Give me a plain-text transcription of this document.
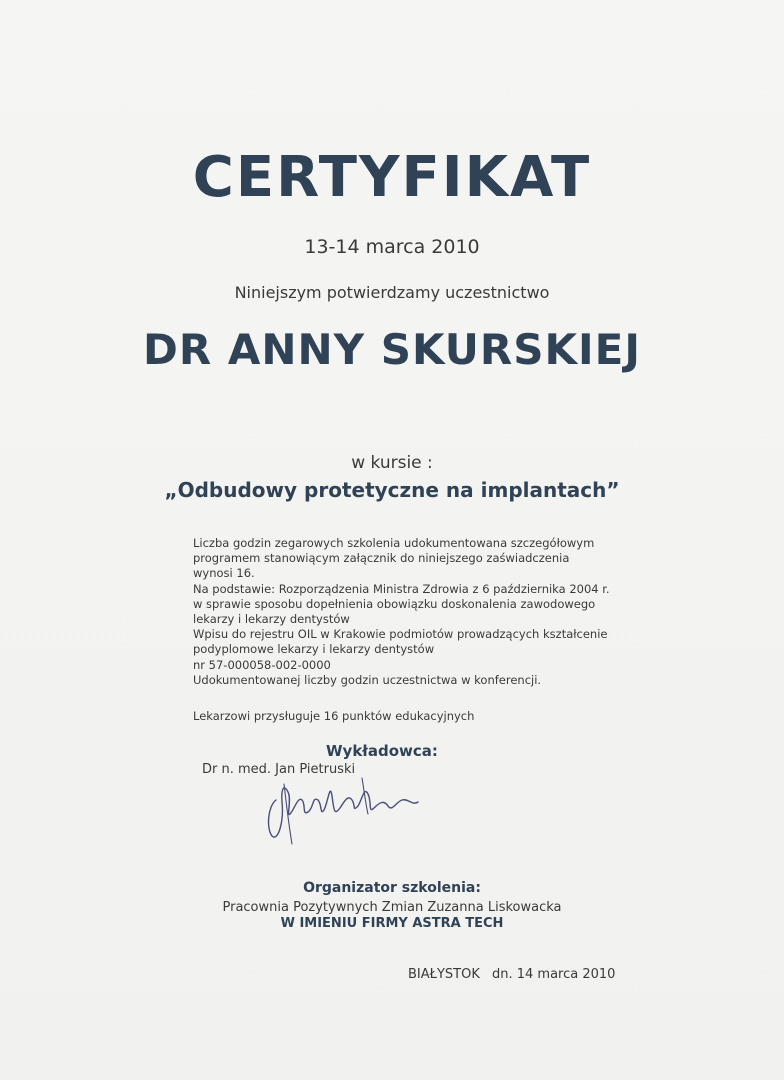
CERTYFIKAT
13-14 marca 2010
Niniejszym potwierdzamy uczestnictwo
DR ANNY SKURSKIEJ
w kursie :
„Odbudowy protetyczne na implantach”
Liczba godzin zegarowych szkolenia udokumentowana szczegółowym
programem stanowiącym załącznik do niniejszego zaświadczenia
wynosi 16.
Na podstawie: Rozporządzenia Ministra Zdrowia z 6 października 2004 r.
w sprawie sposobu dopełnienia obowiązku doskonalenia zawodowego
lekarzy i lekarzy dentystów
Wpisu do rejestru OIL w Krakowie podmiotów prowadzących kształcenie
podyplomowe lekarzy i lekarzy dentystów
nr 57-000058-002-0000
Udokumentowanej liczby godzin uczestnictwa w konferencji.
Lekarzowi przysługuje 16 punktów edukacyjnych
Wykładowca:
Dr n. med. Jan Pietruski
Organizator szkolenia:
Pracownia Pozytywnych Zmian Zuzanna Liskowacka
W IMIENIU FIRMY ASTRA TECH
BIAŁYSTOK dn. 14 marca 2010
